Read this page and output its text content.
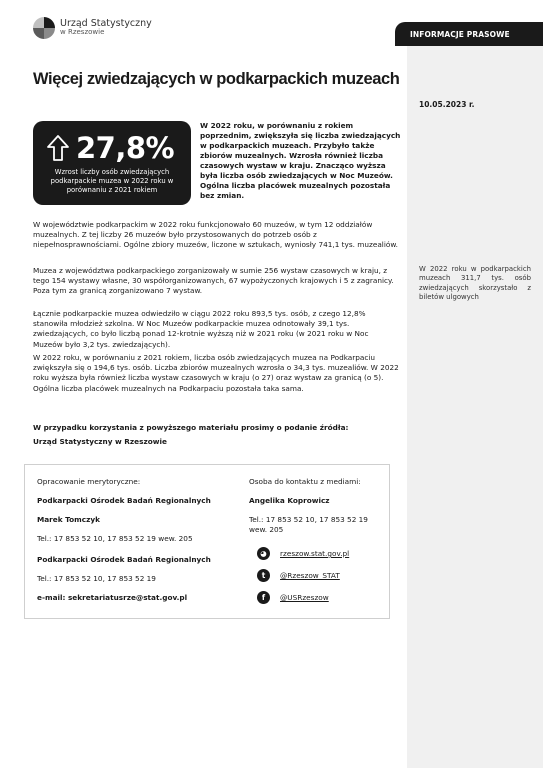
Urząd Statystyczny
w Rzeszowie	INFORMACJE PRASOWE
Więcej zwiedzających w podkarpackich muzeach
10.05.2023 r.
27,8%
Wzrost liczby osób zwiedzających podkarpackie muzea w 2022 roku w porównaniu z 2021 rokiem
W 2022 roku, w porównaniu z rokiem poprzednim, zwiększyła się liczba zwiedzających w podkarpackich muzeach. Przybyło także zbiorów muzealnych. Wzrosła również liczba czasowych wystaw w kraju. Znacząco wyższa była liczba osób zwiedzających w Noc Muzeów. Ogólna liczba placówek muzealnych pozostała bez zmian.
W województwie podkarpackim w 2022 roku funkcjonowało 60 muzeów, w tym 12 oddziałów muzealnych. Z tej liczby 26 muzeów było przystosowanych do potrzeb osób z niepełnosprawnościami. Ogólne zbiory muzeów, liczone w sztukach, wyniosły 741,1 tys. muzealiów.
Muzea z województwa podkarpackiego zorganizowały w sumie 256 wystaw czasowych w kraju, z tego 154 wystawy własne, 30 współorganizowanych, 67 wypożyczonych krajowych i 5 z zagranicy. Poza tym za granicą zorganizowano 7 wystaw.
Łącznie podkarpackie muzea odwiedziło w ciągu 2022 roku 893,5 tys. osób, z czego 12,8% stanowiła młodzież szkolna. W Noc Muzeów podkarpackie muzea odnotowały 39,1 tys. zwiedzających, co było liczbą ponad 12-krotnie wyższą niż w 2021 roku (w 2021 roku w Noc Muzeów było 3,2 tys. zwiedzających).
W 2022 roku, w porównaniu z 2021 rokiem, liczba osób zwiedzających muzea na Podkarpaciu zwiększyła się o 194,6 tys. osób. Liczba zbiorów muzealnych wzrosła o 34,3 tys. muzealiów. W 2022 roku wyższa była również liczba wystaw czasowych w kraju (o 27) oraz wystaw za granicą (o 5). Ogólna liczba placówek muzealnych na Podkarpaciu pozostała taka sama.
W 2022 roku w podkarpackich muzeach 311,7 tys. osób zwiedzających skorzystało z biletów ulgowych
W przypadku korzystania z powyższego materiału prosimy o podanie źródła:
Urząd Statystyczny w Rzeszowie
Opracowanie merytoryczne:
Podkarpacki Ośrodek Badań Regionalnych
Marek Tomczyk
Tel.: 17 853 52 10, 17 853 52 19 wew. 205
Podkarpacki Ośrodek Badań Regionalnych
Tel.: 17 853 52 10, 17 853 52 19
e-mail: sekretariatusrze@stat.gov.pl
Osoba do kontaktu z mediami:
Angelika Koprowicz
Tel.: 17 853 52 10, 17 853 52 19 wew. 205
◕	rzeszow.stat.gov.pl
t	@Rzeszow_STAT
f	@USRzeszow
